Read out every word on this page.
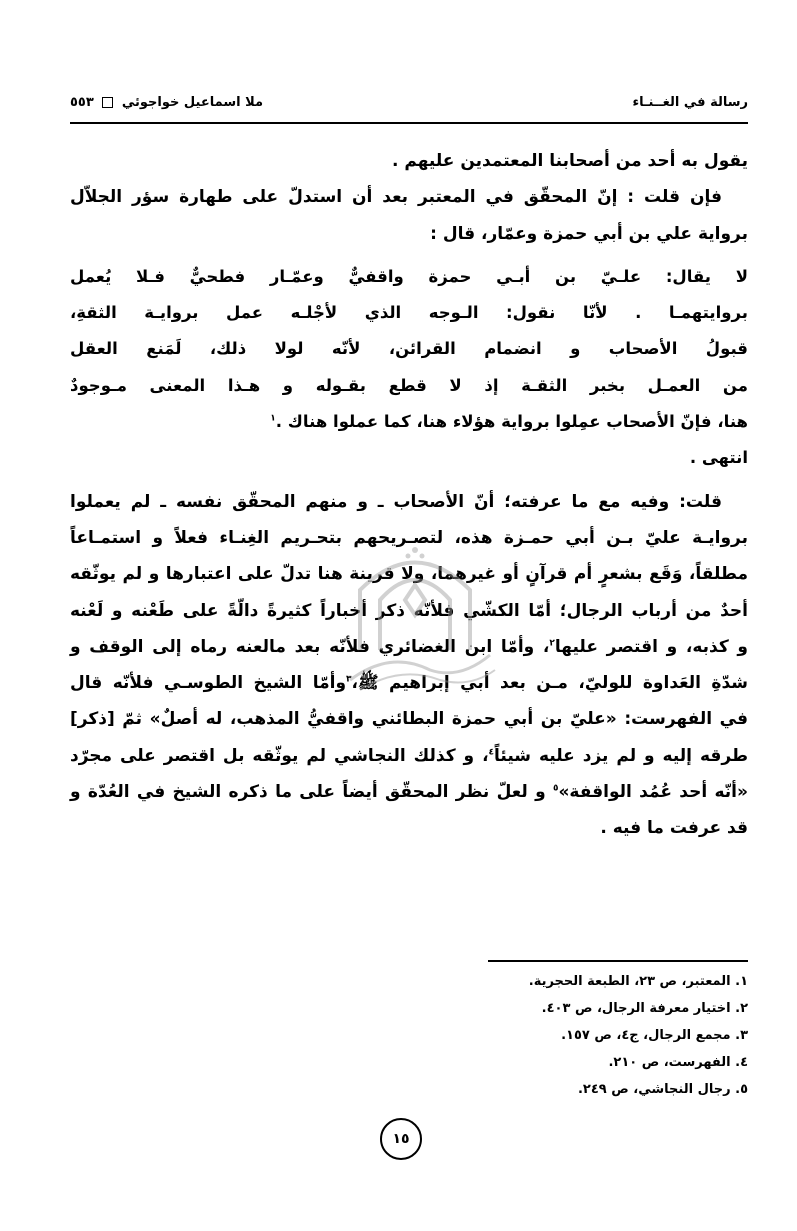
رسالة في الغــنـاء
ملا اسماعيل خواجوئي  ٥٥٣

يقول به أحد من أصحابنا المعتمدين عليهم .

فإن قلت : إنّ المحقّق في المعتبر بعد أن استدلّ على طهارة سؤر الجلاّل
برواية علي بن أبي حمزة وعمّار، قال :

لا يقال: علـيّ بن أبـي حمزة واقفيٌّ وعمّـار فطحيٌّ فـلا يُعمل
بروايتهمـا . لأنّا نقول: الـوجه الذي لأجْلـه عمل بروايـة الثقةِ،
قبولُ الأصحاب و انضمام القرائن، لأنّه لولا ذلك، لَمَنع العقل
من العمـل بخبر الثقـة إذ لا قطع بقـوله و هـذا المعنى مـوجودٌ
هنا، فإنّ الأصحاب عمِلوا برواية هؤلاء هنا، كما عملوا هناك .$^١$
انتهى .

قلت: وفيه مع ما عرفته؛ أنّ الأصحاب ـ و منهم المحقّق نفسه ـ لم يعملوا
بروايـة عليّ بـن أبي حمـزة هذه، لتصـريحهم بتحـريم الغِنـاء فعلاً و استمـاعاً
مطلقاً، وَقَع بشعرٍ أم قرآنٍ أو غيرهما، ولا قرينة هنا تدلّ على اعتبارها و لم يوثّقه
أحدٌ من أرباب الرجال؛ أمّا الكشّي فلأنّه ذكر أخباراً كثيرةً دالّةً على طَعْنه و لَعْنه
و كذبه، و اقتصر عليها$^٢$، وأمّا ابن الغضائري فلأنّه بعد مالعنه رماه إلى الوقف و
شدّةِ العَداوة للوليّ، مـن بعد أبي إبراهيم ﷺ،$^٣$وأمّا الشيخ الطوسـي فلأنّه قال
في الفهرست: «عليّ بن أبي حمزة البطائني واقفيُّ المذهب، له أصلٌ» ثمّ [ذكر]
طرقه إليه و لم يزد عليه شيئاً$^٤$، و كذلك النجاشي لم يوثّقه بل اقتصر على مجرّد
«أنّه أحد عُمُد الواقفة»$^٥$ و لعلّ نظر المحقّق أيضاً على ما ذكره الشيخ في العُدّة و
قد عرفت ما فيه .

١. المعتبر، ص ٢٣، الطبعة الحجرية.
٢. اختيار معرفة الرجال، ص ٤٠٣.
٣. مجمع الرجال، ج٤، ص ١٥٧.
٤. الفهرست، ص ٢١٠.
٥. رجال النجاشي، ص ٢٤٩.
١٥
